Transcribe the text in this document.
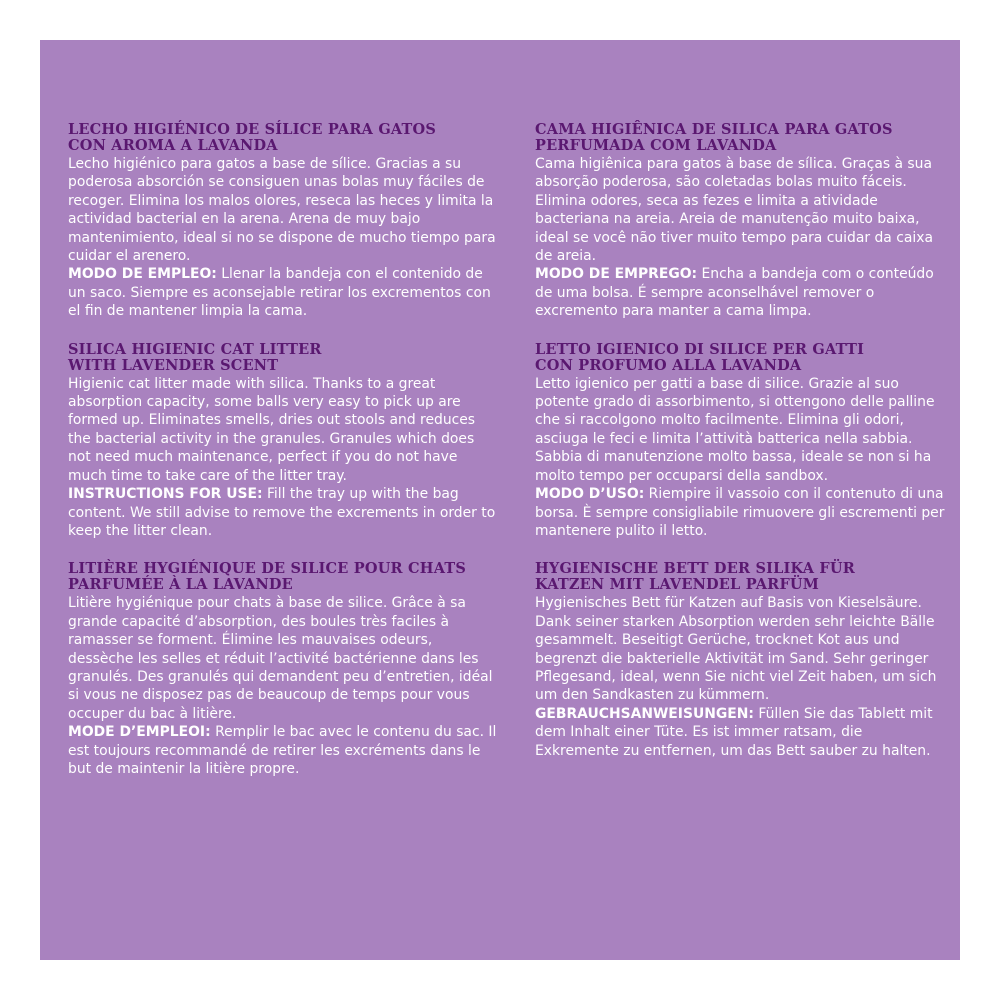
LECHO HIGIÉNICO DE SÍLICE PARA GATOS
CON AROMA A LAVANDA

Lecho higiénico para gatos a base de sílice. Gracias a su poderosa absorción se consiguen unas bolas muy fáciles de recoger. Elimina los malos olores, reseca las heces y limita la actividad bacterial en la arena. Arena de muy bajo mantenimiento, ideal si no se dispone de mucho tiempo para cuidar el arenero.
MODO DE EMPLEO: Llenar la bandeja con el contenido de un saco. Siempre es aconsejable retirar los excrementos con el fin de mantener limpia la cama.

SILICA HIGIENIC CAT LITTER
WITH LAVENDER SCENT

Higienic cat litter made with silica. Thanks to a great absorption capacity, some balls very easy to pick up are formed up. Eliminates smells, dries out stools and reduces the bacterial activity in the granules. Granules which does not need much maintenance, perfect if you do not have much time to take care of the litter tray.
INSTRUCTIONS FOR USE: Fill the tray up with the bag content. We still advise to remove the excrements in order to keep the litter clean.

LITIÈRE HYGIÉNIQUE DE SILICE POUR CHATS
PARFUMÉE À LA LAVANDE

Litière hygiénique pour chats à base de silice. Grâce à sa grande capacité d’absorption, des boules très faciles à ramasser se forment. Élimine les mauvaises odeurs, dessèche les selles et réduit l’activité bactérienne dans les granulés. Des granulés qui demandent peu d’entretien, idéal si vous ne disposez pas de beaucoup de temps pour vous occuper du bac à litière.
MODE D’EMPLEOI: Remplir le bac avec le contenu du sac. Il est toujours recommandé de retirer les excréments dans le but de maintenir la litière propre.

CAMA HIGIÊNICA DE SILICA PARA GATOS
PERFUMADA COM LAVANDA

Cama higiênica para gatos à base de sílica. Graças à sua absorção poderosa, são coletadas bolas muito fáceis. Elimina odores, seca as fezes e limita a atividade bacteriana na areia. Areia de manutenção muito baixa, ideal se você não tiver muito tempo para cuidar da caixa de areia.
MODO DE EMPREGO: Encha a bandeja com o conteúdo de uma bolsa. É sempre aconselhável remover o excremento para manter a cama limpa.

LETTO IGIENICO DI SILICE PER GATTI
CON PROFUMO ALLA LAVANDA

Letto igienico per gatti a base di silice. Grazie al suo potente grado di assorbimento, si ottengono delle palline che si raccolgono molto facilmente. Elimina gli odori, asciuga le feci e limita l’attività batterica nella sabbia. Sabbia di manutenzione molto bassa, ideale se non si ha molto tempo per occuparsi della sandbox.
MODO D’USO: Riempire il vassoio con il contenuto di una borsa. È sempre consigliabile rimuovere gli escrementi per mantenere pulito il letto.

HYGIENISCHE BETT DER SILIKA FÜR
KATZEN MIT LAVENDEL PARFÜM

Hygienisches Bett für Katzen auf Basis von Kieselsäure. Dank seiner starken Absorption werden sehr leichte Bälle gesammelt. Beseitigt Gerüche, trocknet Kot aus und begrenzt die bakterielle Aktivität im Sand. Sehr geringer Pflegesand, ideal, wenn Sie nicht viel Zeit haben, um sich um den Sandkasten zu kümmern.
GEBRAUCHSANWEISUNGEN: Füllen Sie das Tablett mit dem Inhalt einer Tüte. Es ist immer ratsam, die Exkremente zu entfernen, um das Bett sauber zu halten.
